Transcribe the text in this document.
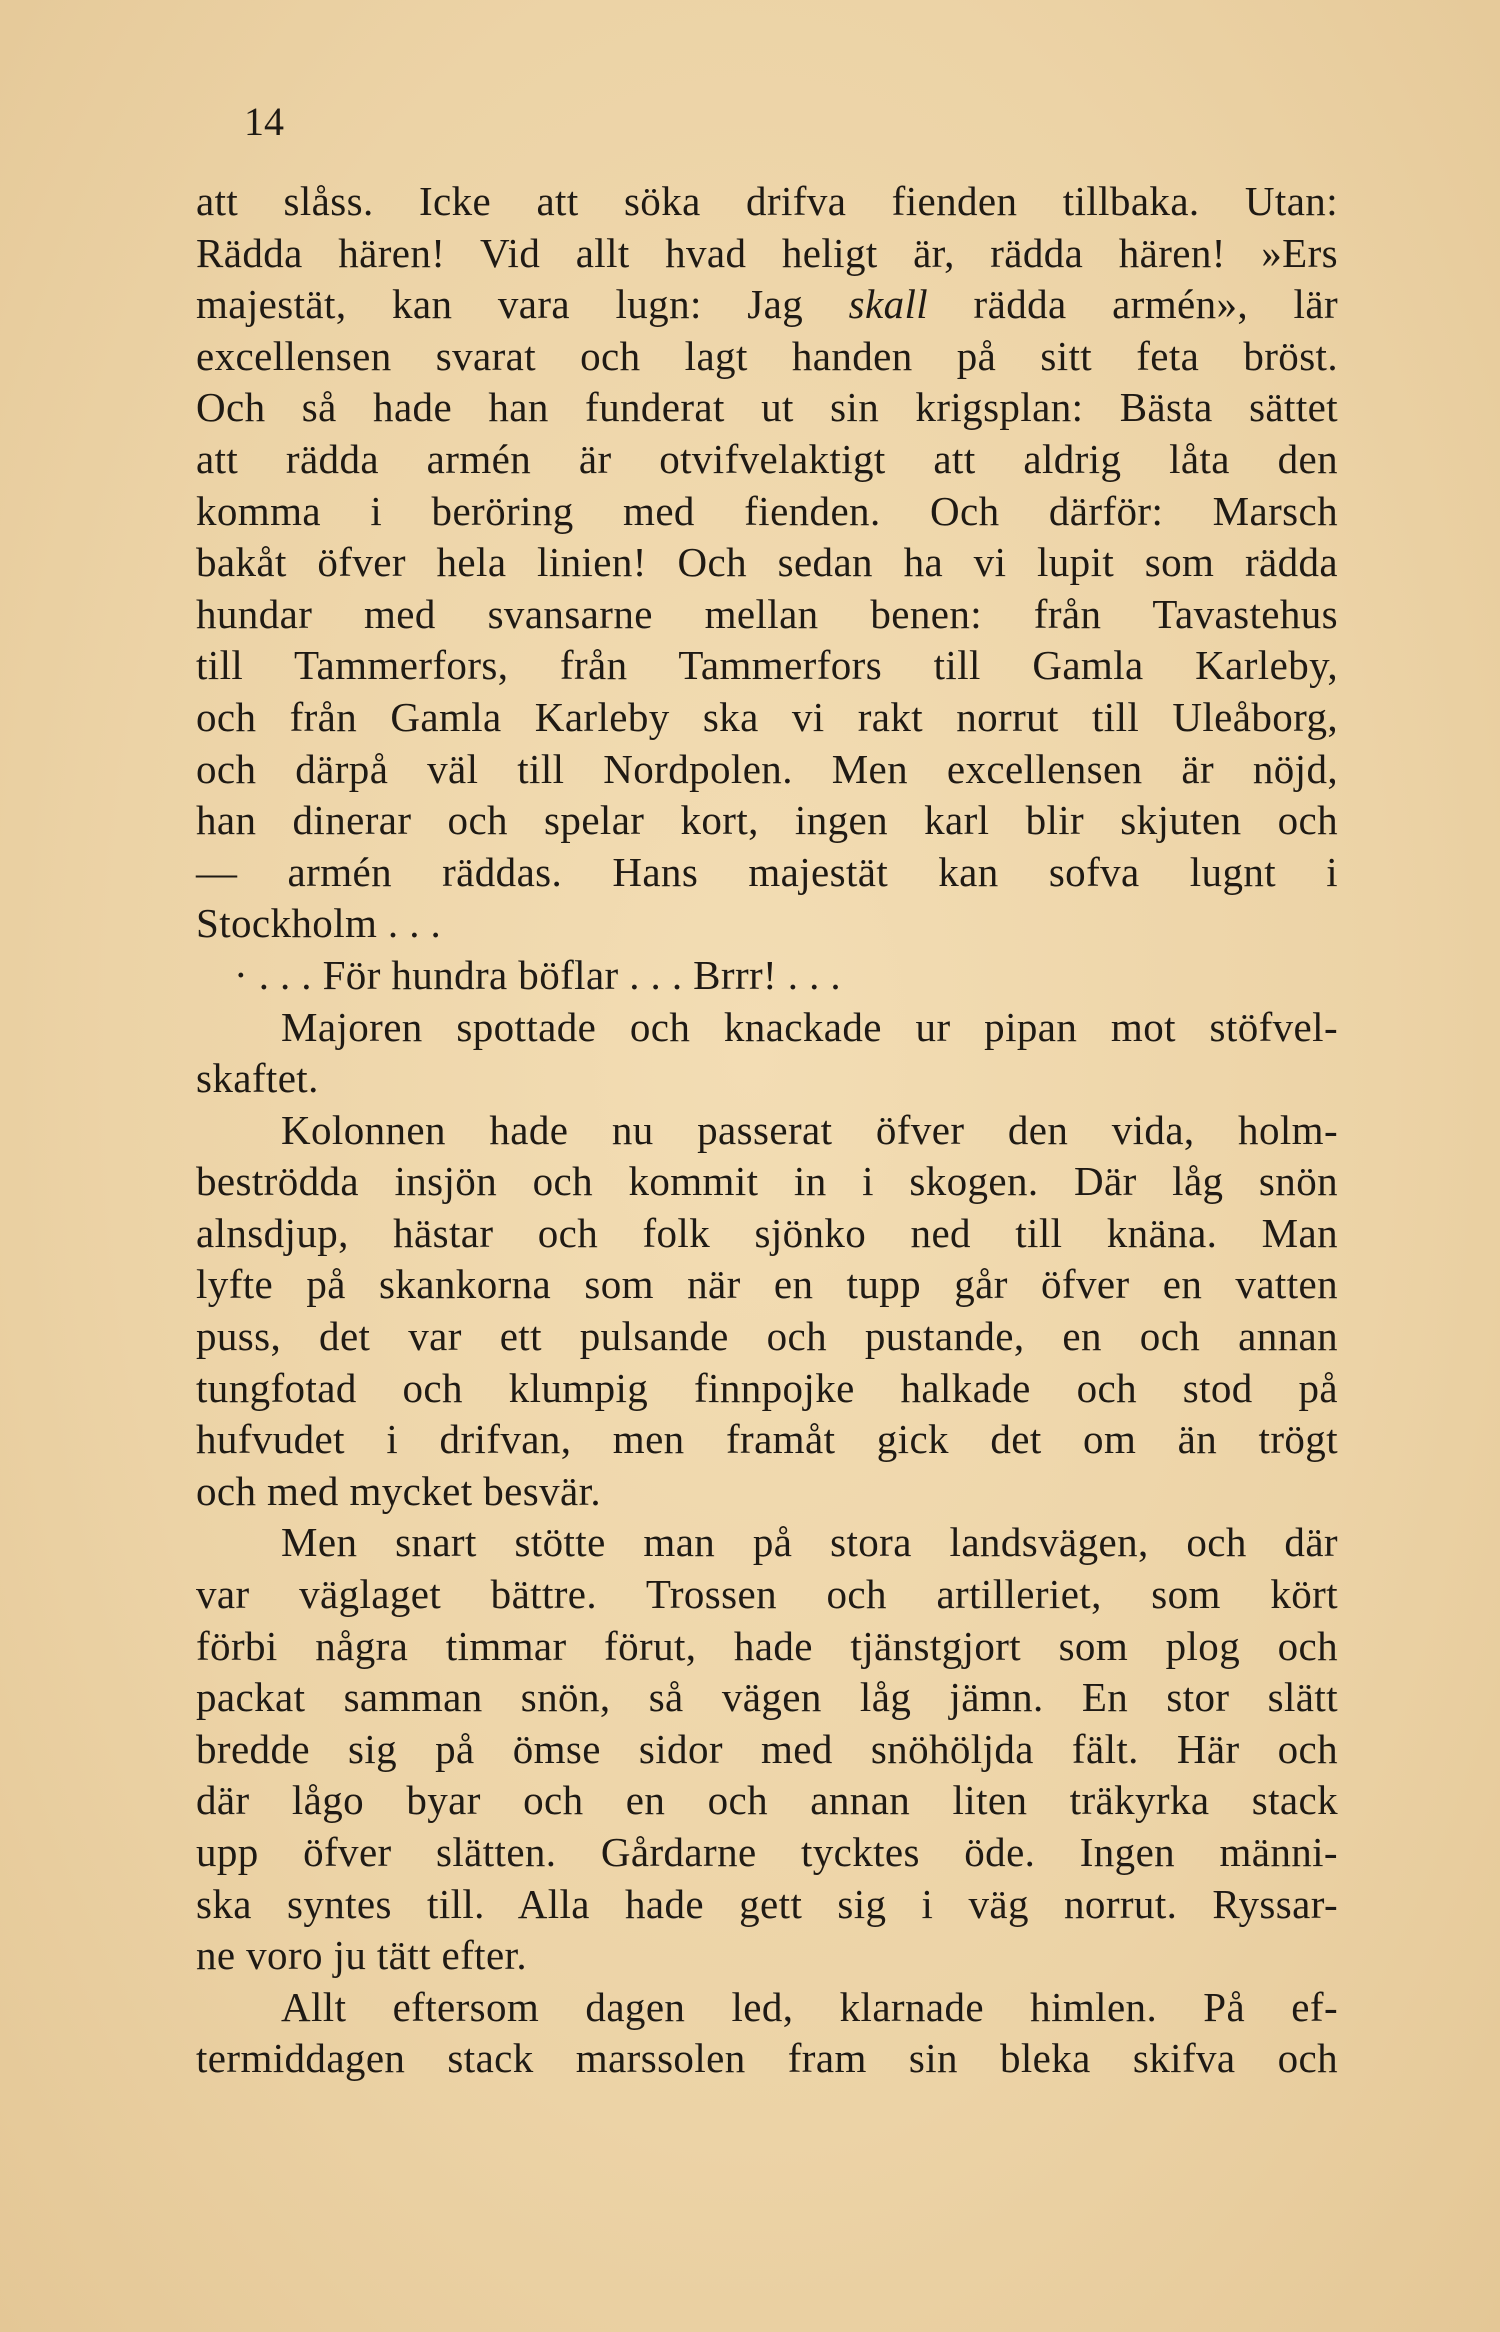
14
att slåss. Icke att söka drifva fienden tillbaka. Utan:
Rädda hären! Vid allt hvad heligt är, rädda hären! »Ers
majestät, kan vara lugn: Jag skall rädda armén», lär
excellensen svarat och lagt handen på sitt feta bröst.
Och så hade han funderat ut sin krigsplan: Bästa sättet
att rädda armén är otvifvelaktigt att aldrig låta den
komma i beröring med fienden. Och därför: Marsch
bakåt öfver hela linien! Och sedan ha vi lupit som rädda
hundar med svansarne mellan benen: från Tavastehus
till Tammerfors, från Tammerfors till Gamla Karleby,
och från Gamla Karleby ska vi rakt norrut till Uleåborg,
och därpå väl till Nordpolen. Men excellensen är nöjd,
han dinerar och spelar kort, ingen karl blir skjuten och
— armén räddas. Hans majestät kan sofva lugnt i
Stockholm . . .
· . . . För hundra böflar . . . Brrr! . . .
Majoren spottade och knackade ur pipan mot stöfvel-
skaftet.
Kolonnen hade nu passerat öfver den vida, holm-
beströdda insjön och kommit in i skogen. Där låg snön
alnsdjup, hästar och folk sjönko ned till knäna. Man
lyfte på skankorna som när en tupp går öfver en vatten
puss, det var ett pulsande och pustande, en och annan
tungfotad och klumpig finnpojke halkade och stod på
hufvudet i drifvan, men framåt gick det om än trögt
och med mycket besvär.
Men snart stötte man på stora landsvägen, och där
var väglaget bättre. Trossen och artilleriet, som kört
förbi några timmar förut, hade tjänstgjort som plog och
packat samman snön, så vägen låg jämn. En stor slätt
bredde sig på ömse sidor med snöhöljda fält. Här och
där lågo byar och en och annan liten träkyrka stack
upp öfver slätten. Gårdarne tycktes öde. Ingen männi-
ska syntes till. Alla hade gett sig i väg norrut. Ryssar-
ne voro ju tätt efter.
Allt eftersom dagen led, klarnade himlen. På ef-
termiddagen stack marssolen fram sin bleka skifva och
